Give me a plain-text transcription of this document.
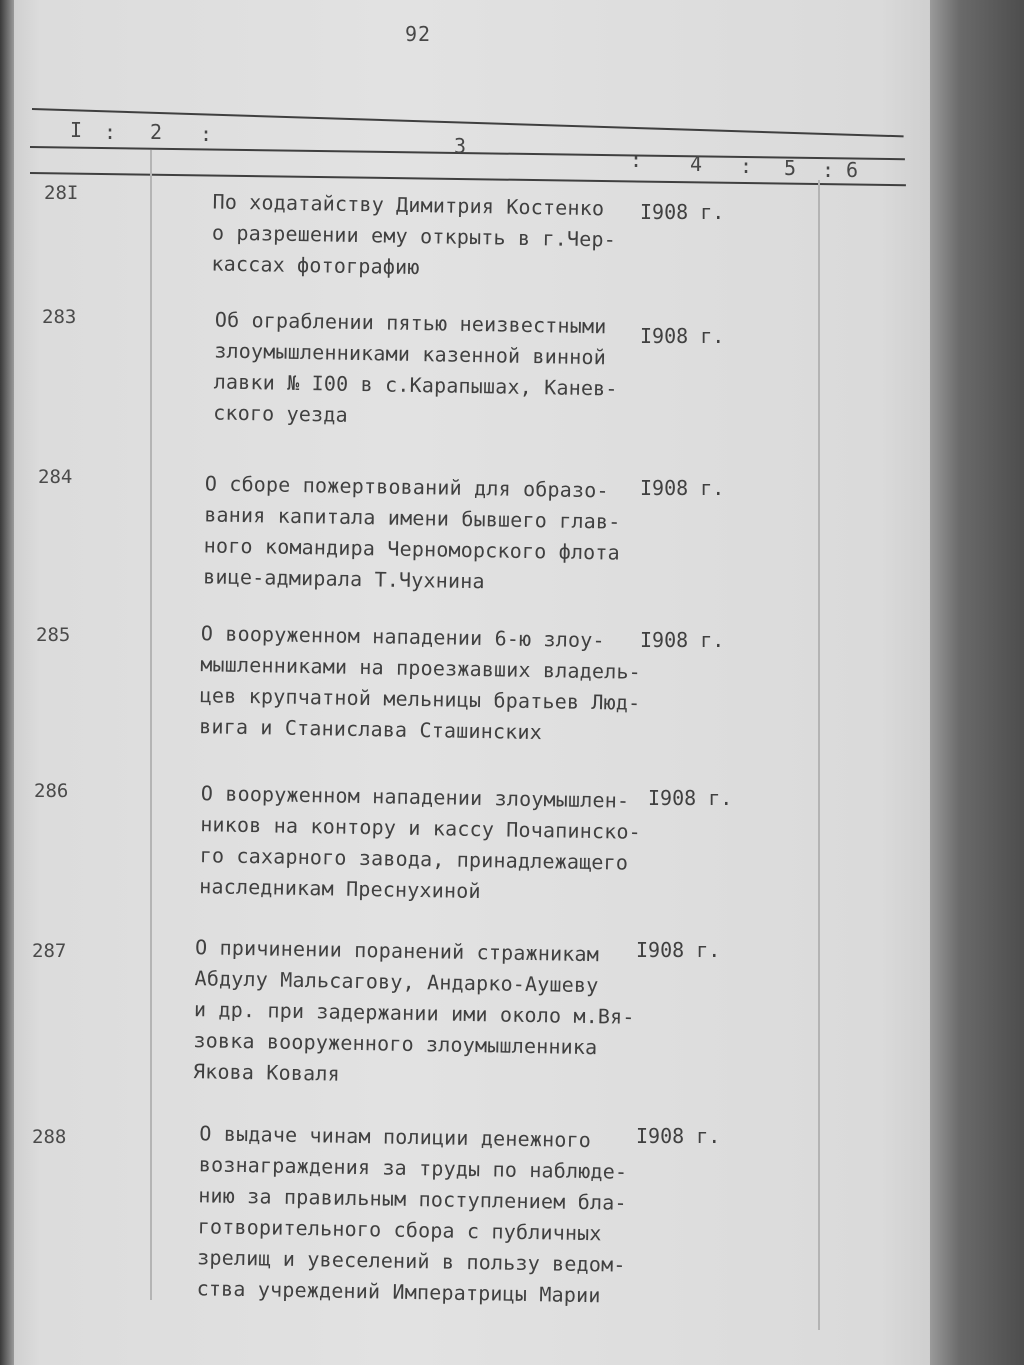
92
I : 2 :	3
: 4 : 5 : 6
28I	По ходатайству Димитрия Костенко
о разрешении ему открыть в г.Чер-
кассах фотографию
I908 г.
283	Об ограблении пятью неизвестными
злоумышленниками казенной винной
лавки № I00 в с.Карапышах, Канев-
ского уезда
I908 г.
284	О сборе пожертвований для образо-
вания капитала имени бывшего глав-
ного командира Черноморского флота
вице-адмирала Т.Чухнина
I908 г.
285	О вооруженном нападении 6-ю злоу-
мышленниками на проезжавших владель-
цев крупчатной мельницы братьев Люд-
вига и Станислава Сташинских
I908 г.
286	О вооруженном нападении злоумышлен-
ников на контору и кассу Почапинско-
го сахарного завода, принадлежащего
наследникам Преснухиной
I908 г.
287	О причинении поранений стражникам
Абдулу Мальсагову, Андарко-Аушеву
и др. при задержании ими около м.Вя-
зовка вооруженного злоумышленника
Якова Коваля
I908 г.
288	О выдаче чинам полиции денежного
вознаграждения за труды по наблюде-
нию за правильным поступлением бла-
готворительного сбора с публичных
зрелищ и увеселений в пользу ведом-
ства учреждений Императрицы Марии
I908 г.
